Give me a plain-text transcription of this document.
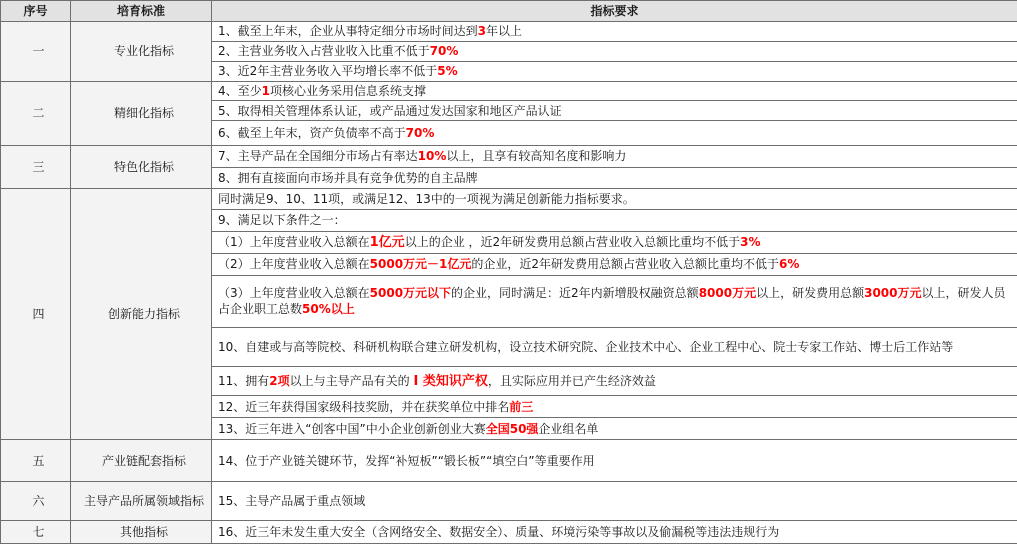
序号	培育标准	指标要求
一	专业化指标	1、截至上年末，企业从事特定细分市场时间达到3年以上
		2、主营业务收入占营业收入比重不低于70%
		3、近2年主营业务收入平均增长率不低于5%
二	精细化指标	4、至少1项核心业务采用信息系统支撑
		5、取得相关管理体系认证，或产品通过发达国家和地区产品认证
		6、截至上年末，资产负债率不高于70%
三	特色化指标	7、主导产品在全国细分市场占有率达10%以上，且享有较高知名度和影响力
		8、拥有直接面向市场并具有竞争优势的自主品牌
四	创新能力指标	同时满足9、10、11项，或满足12、13中的一项视为满足创新能力指标要求。
		9、满足以下条件之一：
		（1）上年度营业收入总额在1亿元以上的企业 ，近2年研发费用总额占营业收入总额比重均不低于3%
		（2）上年度营业收入总额在5000万元－1亿元的企业，近2年研发费用总额占营业收入总额比重均不低于6%
		（3）上年度营业收入总额在5000万元以下的企业，同时满足：近2年内新增股权融资总额8000万元以上，研发费用总额3000万元以上，研发人员占企业职工总数50%以上
		10、自建或与高等院校、科研机构联合建立研发机构，设立技术研究院、企业技术中心、企业工程中心、院士专家工作站、博士后工作站等
		11、拥有2项以上与主导产品有关的 I 类知识产权，且实际应用并已产生经济效益
		12、近三年获得国家级科技奖励，并在获奖单位中排名前三
		13、近三年进入“创客中国”中小企业创新创业大赛全国50强企业组名单
五	产业链配套指标	14、位于产业链关键环节，发挥“补短板”“锻长板”“填空白”等重要作用
六	主导产品所属领域指标	15、主导产品属于重点领域
七	其他指标	16、近三年未发生重大安全（含网络安全、数据安全）、质量、环境污染等事故以及偷漏税等违法违规行为
